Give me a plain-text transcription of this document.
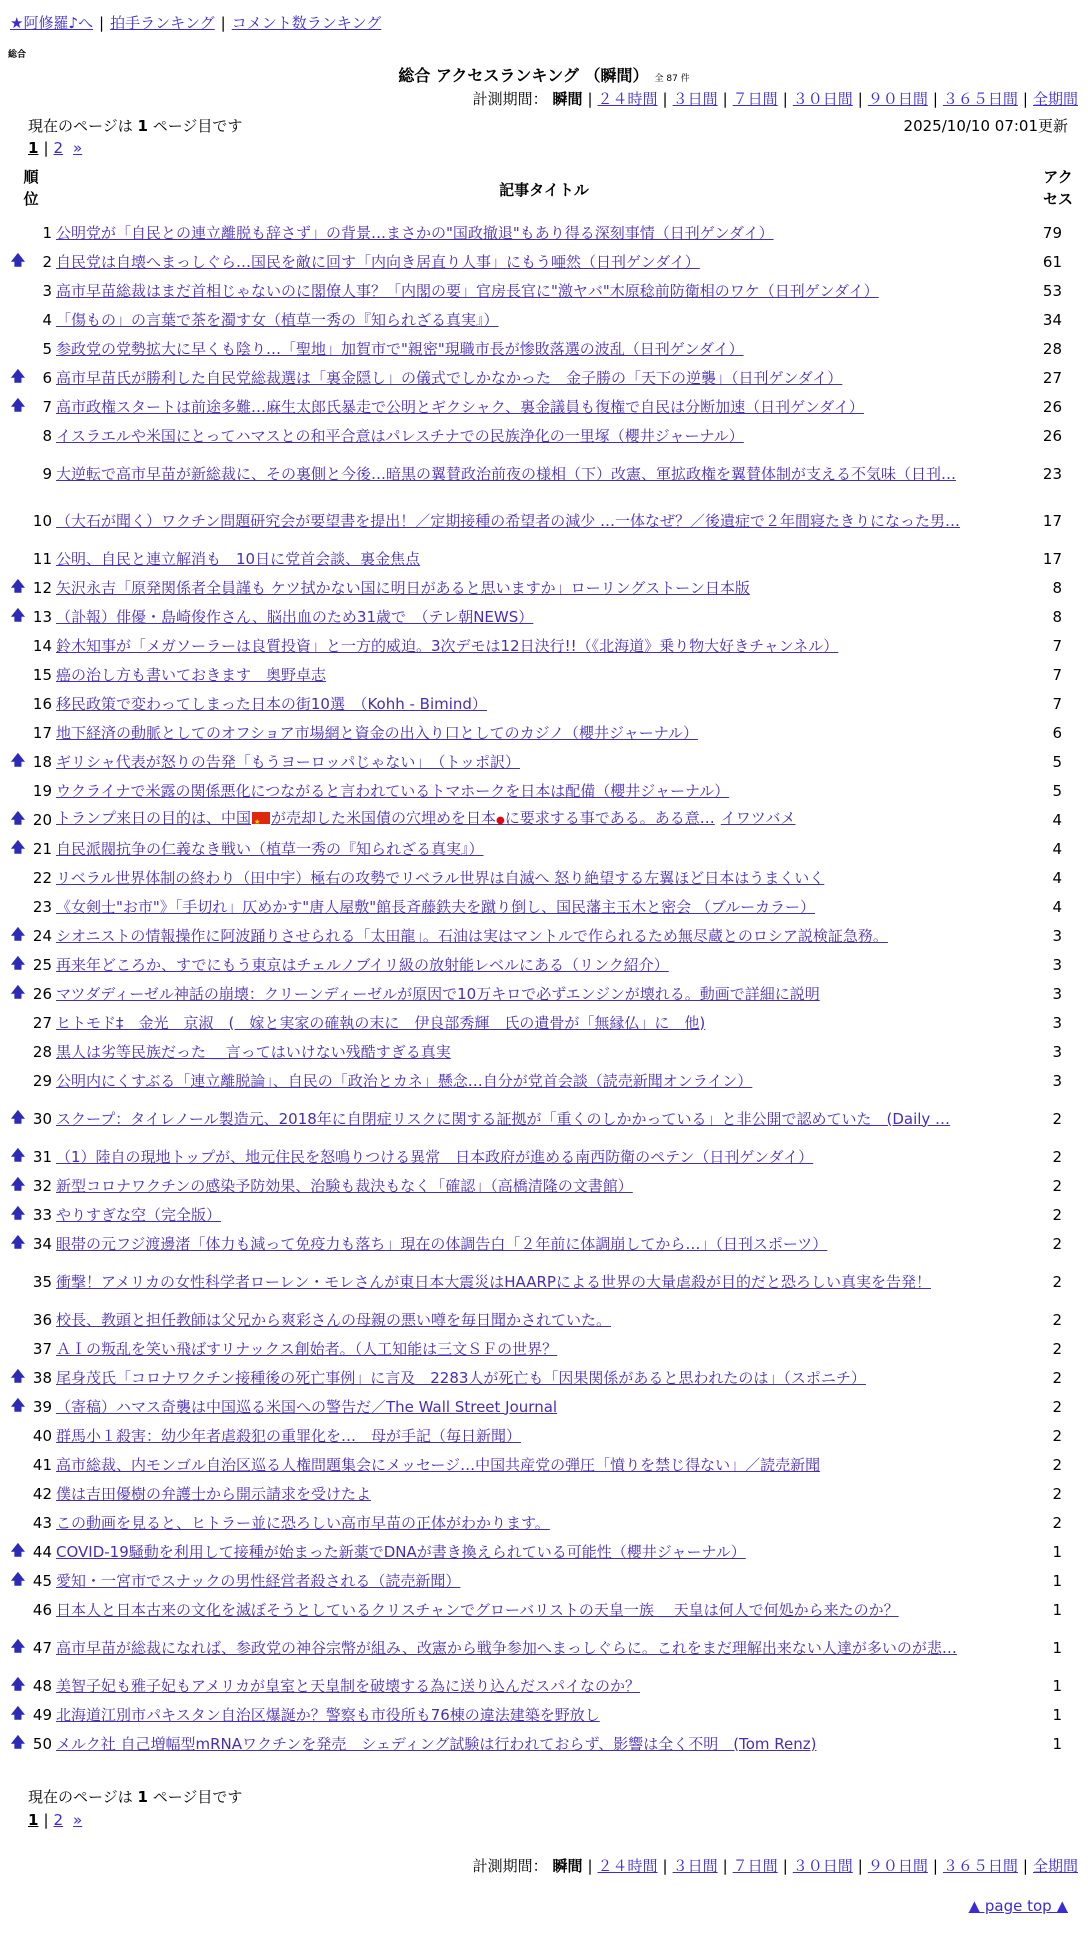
★阿修羅♪へ | 拍手ランキング | コメント数ランキング
総合
総合 アクセスランキング （瞬間） 全 87 件
計測期間： 瞬間 | ２４時間 | ３日間 | ７日間 | ３０日間 | ９０日間 | ３６５日間 | 全期間
現在のページは 1 ページ目です	2025/10/10 07:01更新
1 | 2 »
順
位	記事タイトル
アク
セス
1 公明党が「自民との連立離脱も辞さず」の背景…まさかの"国政撤退"もあり得る深刻事情（日刊ゲンダイ）	79
🡅	2 自民党は自壊へまっしぐら…国民を敵に回す「内向き居直り人事」にもう唖然（日刊ゲンダイ）	61
3 高市早苗総裁はまだ首相じゃないのに閣僚人事？「内閣の要」官房長官に"激ヤバ"木原稔前防衛相のワケ（日刊ゲンダイ）	53
4 「傷もの」の言葉で茶を濁す女（植草一秀の『知られざる真実』）	34
5 参政党の党勢拡大に早くも陰り…「聖地」加賀市で"親密"現職市長が惨敗落選の波乱（日刊ゲンダイ）	28
🡅	6 高市早苗氏が勝利した自民党総裁選は「裏金隠し」の儀式でしかなかった　金子勝の「天下の逆襲」（日刊ゲンダイ）	27
🡅	7 高市政権スタートは前途多難…麻生太郎氏暴走で公明とギクシャク、裏金議員も復権で自民は分断加速（日刊ゲンダイ）	26
8 イスラエルや米国にとってハマスとの和平合意はパレスチナでの民族浄化の一里塚（櫻井ジャーナル）	26
9 大逆転で高市早苗が新総裁に、その裏側と今後…暗黒の翼賛政治前夜の様相（下）改憲、軍拡政権を翼賛体制が支える不気味（日刊…	23
10 （大石が聞く）ワクチン問題研究会が要望書を提出！／定期接種の希望者の減少 …一体なぜ？／後遺症で２年間寝たきりになった男…	17
11 公明、自民と連立解消も　10日に党首会談、裏金焦点	17
🡅 12 矢沢永吉「原発関係者全員謹も ケツ拭かない国に明日があると思いますか」ローリングストーン日本版	8
🡅 13 （訃報）俳優・島崎俊作さん、脳出血のため31歳で　（テレ朝NEWS）	8
14 鈴木知事が「メガソーラーは良質投資」と一方的威迫。3次デモは12日決行!!（《北海道》乗り物大好きチャンネル）	7
15 癌の治し方も書いておきます　奥野卓志	7
16 移民政策で変わってしまった日本の街10選　（Kohh - Bimind）	7
17 地下経済の動脈としてのオフショア市場網と資金の出入り口としてのカジノ（櫻井ジャーナル）	6
🡅 18 ギリシャ代表が怒りの告発「もうヨーロッパじゃない」　（トッポ訳）	5
19 ウクライナで米露の関係悪化につながると言われているトマホークを日本は配備（櫻井ジャーナル）	5
🡅 20 トランプ来日の目的は、中国 ★ が売却した米国債の穴埋めを日本●に要求する事である。ある意… イワツバメ	4
🡅 21 自民派閥抗争の仁義なき戦い（植草一秀の『知られざる真実』）	4
22 リベラル世界体制の終わり（田中宇）極右の攻勢でリベラル世界は自滅へ 怒り絶望する左翼ほど日本はうまくいく	4
23 《女剣士"お市"》「手切れ」仄めかす"唐人屋敷"館長斉藤鉄夫を蹴り倒し、国民藩主玉木と密会 （ブルーカラー）	4
🡅 24 シオニストの情報操作に阿波踊りさせられる「太田龍」。石油は実はマントルで作られるため無尽蔵とのロシア説検証急務。	3
🡅 25 再来年どころか、すでにもう東京はチェルノブイリ級の放射能レベルにある（リンク紹介）	3
🡅 26 マツダディーゼル神話の崩壊：クリーンディーゼルが原因で10万キロで必ずエンジンが壊れる。動画で詳細に説明	3
27 ヒトモド‡　金光　京淑　(　嫁と実家の確執の末に　伊良部秀輝　氏の遺骨が「無縁仏」に　他)	3
28 黒人は劣等民族だった ＿言ってはいけない残酷すぎる真実	3
29 公明内にくすぶる「連立離脱論」、自民の「政治とカネ」懸念…自分が党首会談（読売新聞オンライン）	3
🡅 30 スクープ：タイレノール製造元、2018年に自閉症リスクに関する証拠が「重くのしかかっている」と非公開で認めていた　(Daily …	2
🡅 31 （1）陸自の現地トップが、地元住民を怒鳴りつける異常　日本政府が進める南西防衛のペテン（日刊ゲンダイ）	2
🡅 32 新型コロナワクチンの感染予防効果、治験も裁決もなく「確認」（高橋清隆の文書館）	2
🡅 33 やりすぎな空（完全版）	2
🡅 34 眼帯の元フジ渡邊渚「体力も減って免疫力も落ち」現在の体調告白「２年前に体調崩してから…」（日刊スポーツ）	2
35 衝撃！アメリカの女性科学者ローレン・モレさんが東日本大震災はHAARPによる世界の大量虐殺が目的だと恐ろしい真実を告発！	2
36 校長、教頭と担任教師は父兄から爽彩さんの母親の悪い噂を毎日聞かされていた。	2
37 ＡＩの叛乱を笑い飛ばすリナックス創始者。（人工知能は三文ＳＦの世界？	2
🡅 38 尾身茂氏「コロナワクチン接種後の死亡事例」に言及　2283人が死亡も「因果関係があると思われたのは」（スポニチ）	2
🡅 39 （寄稿）ハマス奇襲は中国巡る米国への警告だ／The Wall Street Journal	2
40 群馬小１殺害：幼少年者虐殺犯の重罪化を…　母が手記（毎日新聞）	2
41 高市総裁、内モンゴル自治区巡る人権問題集会にメッセージ…中国共産党の弾圧「憤りを禁じ得ない」／読売新聞	2
42 僕は吉田優樹の弁護士から開示請求を受けたよ	2
43 この動画を見ると、ヒトラー並に恐ろしい高市早苗の正体がわかります。	2
🡅 44 COVID-19騒動を利用して接種が始まった新薬でDNAが書き換えられている可能性（櫻井ジャーナル）	1
🡅 45 愛知・一宮市でスナックの男性経営者殺される（読売新聞）	1
46 日本人と日本古来の文化を滅ぼそうとしているクリスチャンでグローバリストの天皇一族 ＿天皇は何人で何処から来たのか？	1
🡅 47 高市早苗が総裁になれば、参政党の神谷宗幣が組み、改憲から戦争参加へまっしぐらに。これをまだ理解出来ない人達が多いのが悲…	1
🡅 48 美智子妃も雅子妃もアメリカが皇室と天皇制を破壊する為に送り込んだスパイなのか？	1
🡅 49 北海道江別市パキスタン自治区爆誕か？警察も市役所も76棟の違法建築を野放し	1
🡅 50 メルク社 自己増幅型mRNAワクチンを発売　シェディング試験は行われておらず、影響は全く不明　(Tom Renz)	1
現在のページは 1 ページ目です
1 | 2 »
計測期間： 瞬間 | ２４時間 | ３日間 | ７日間 | ３０日間 | ９０日間 | ３６５日間 | 全期間
▲ page top ▲
